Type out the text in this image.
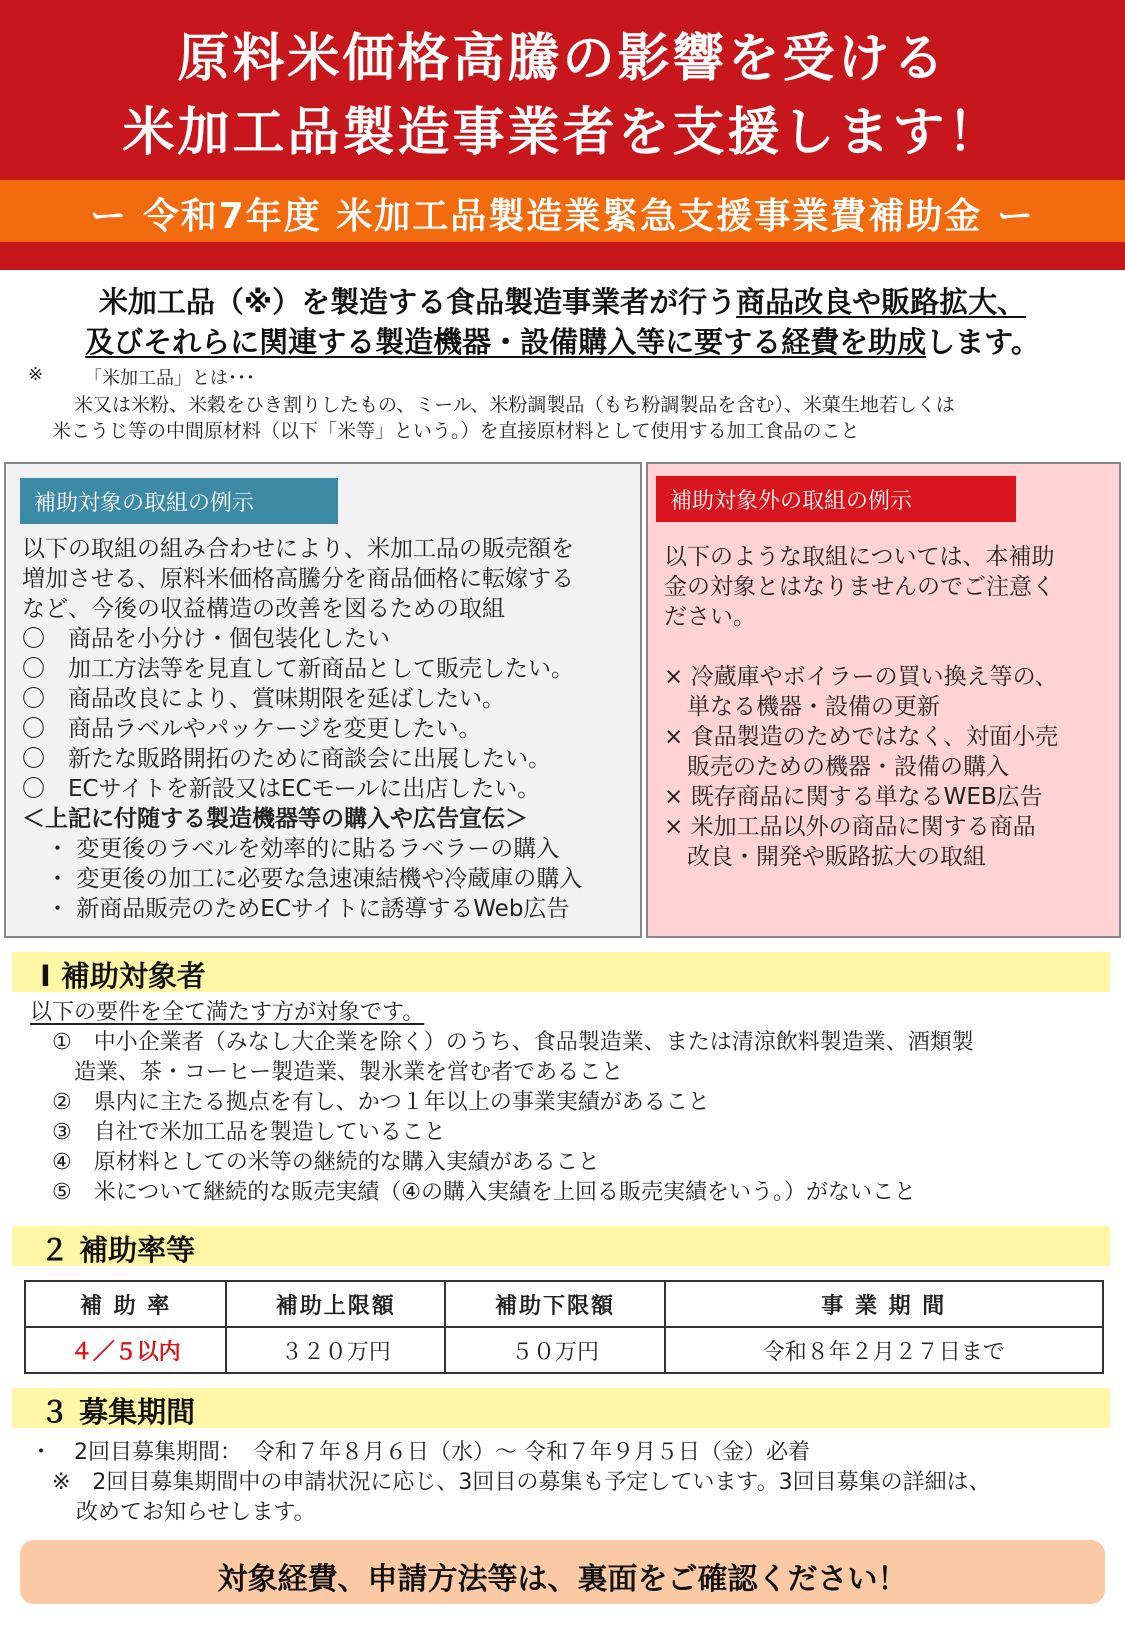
原料米価格高騰の影響を受ける
米加工品製造事業者を支援します！
ー 令和7年度 米加工品製造業緊急支援事業費補助金 ー
米加工品（※）を製造する食品製造事業者が行う商品改良や販路拡大、
及びそれらに関連する製造機器・設備購入等に要する経費を助成します。
※ 「米加工品」とは･･･
米又は米粉、米穀をひき割りしたもの、ミール、米粉調製品（もち粉調製品を含む）、米菓生地若しくは
米こうじ等の中間原材料（以下「米等」という。）を直接原材料として使用する加工食品のこと
補助対象の取組の例示
以下の取組の組み合わせにより、米加工品の販売額を
増加させる、原料米価格高騰分を商品価格に転嫁する
など、今後の収益構造の改善を図るための取組
〇　商品を小分け・個包装化したい
〇　加工方法等を見直して新商品として販売したい。
〇　商品改良により、賞味期限を延ばしたい。
〇　商品ラベルやパッケージを変更したい。
〇　新たな販路開拓のために商談会に出展したい。
〇　ECサイトを新設又はECモールに出店したい。
＜上記に付随する製造機器等の購入や広告宣伝＞
・ 変更後のラベルを効率的に貼るラベラーの購入
・ 変更後の加工に必要な急速凍結機や冷蔵庫の購入
・ 新商品販売のためECサイトに誘導するWeb広告
補助対象外の取組の例示
以下のような取組については、本補助
金の対象とはなりませんのでご注意く
ださい。
× 冷蔵庫やボイラーの買い換え等の、
　単なる機器・設備の更新
× 食品製造のためではなく、対面小売
　販売のための機器・設備の購入
× 既存商品に関する単なるWEB広告
× 米加工品以外の商品に関する商品
　改良・開発や販路拡大の取組
Ⅰ 補助対象者
以下の要件を全て満たす方が対象です。
①　中小企業者（みなし大企業を除く）のうち、食品製造業、または清涼飲料製造業、酒類製
　造業、茶・コーヒー製造業、製氷業を営む者であること
②　県内に主たる拠点を有し、かつ１年以上の事業実績があること
③　自社で米加工品を製造していること
④　原材料としての米等の継続的な購入実績があること
⑤　米について継続的な販売実績（④の購入実績を上回る販売実績をいう。）がないこと
２ 補助率等
補 助 率	補助上限額	補助下限額	事 業 期 間
４／５以内	３２０万円	５０万円	令和８年２月２７日まで
３ 募集期間
・　2回目募集期間：　令和７年８月６日（水）～ 令和７年９月５日（金）必着
※　2回目募集期間中の申請状況に応じ、3回目の募集も予定しています。3回目募集の詳細は、
改めてお知らせします。
対象経費、申請方法等は、裏面をご確認ください！
